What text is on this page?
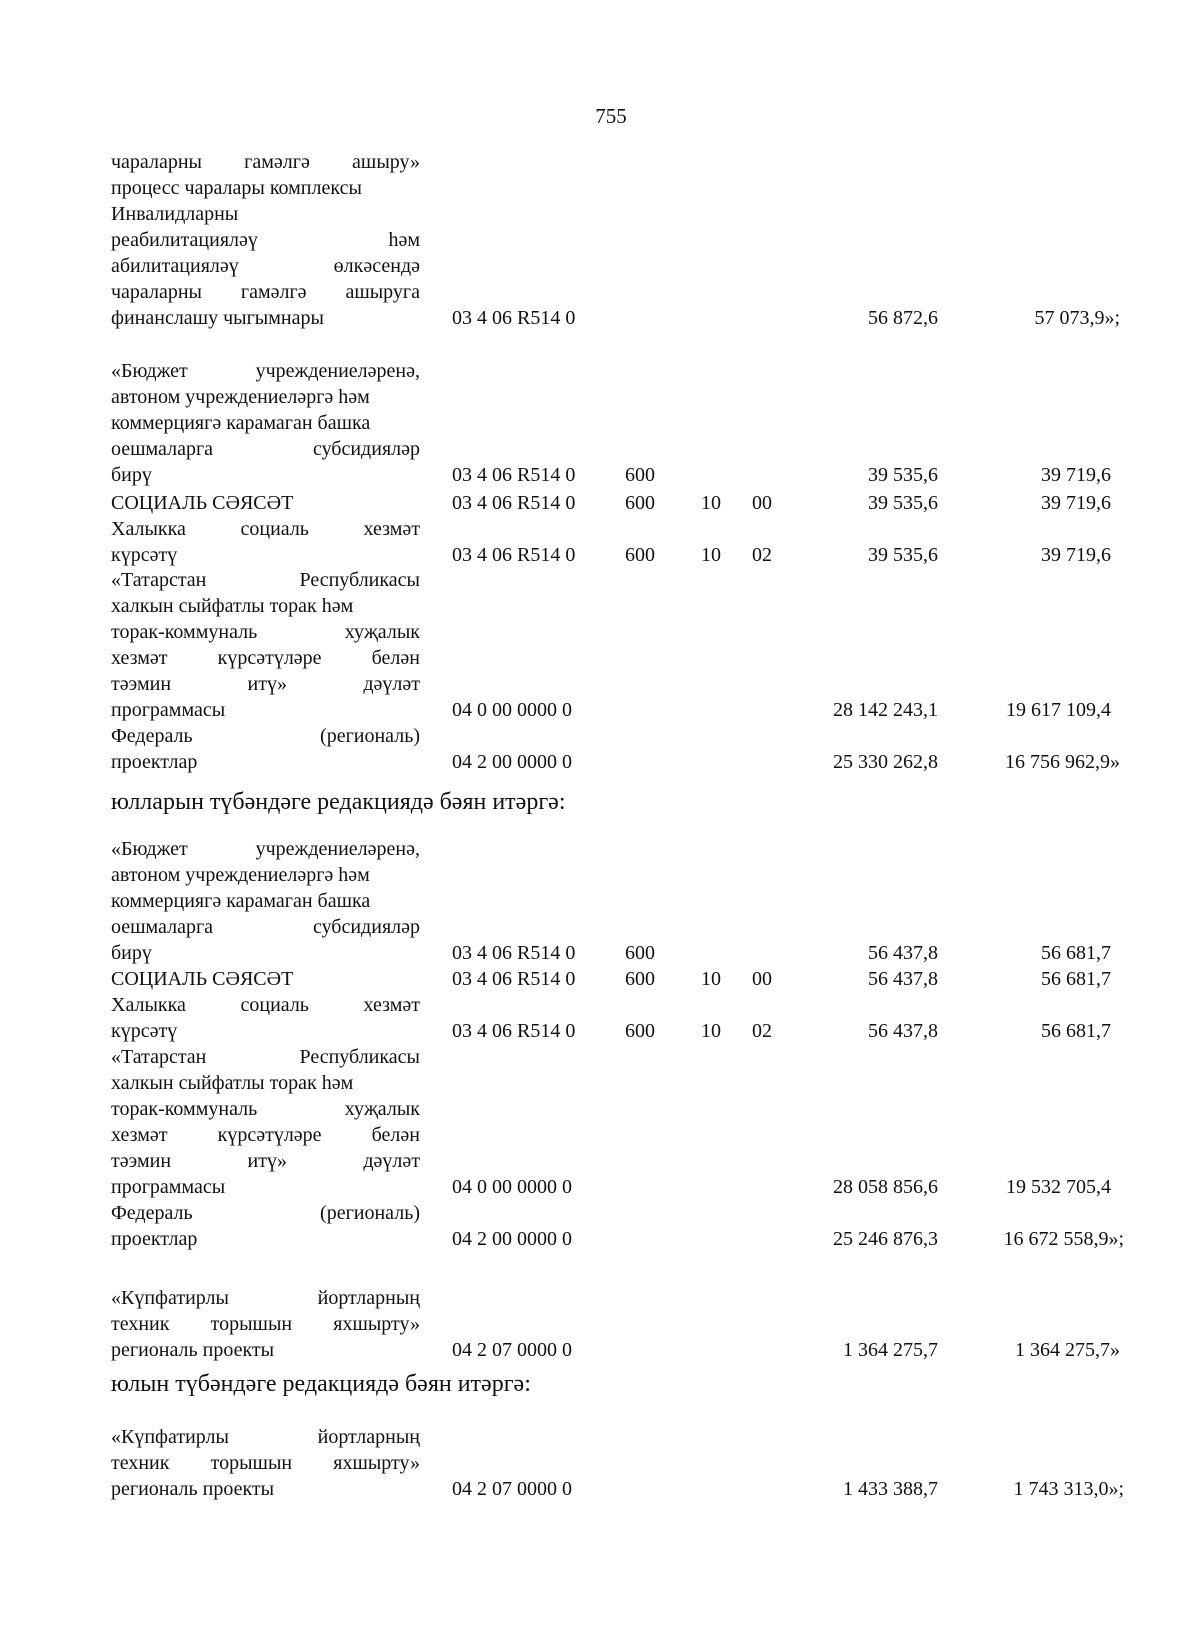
755
чараларны гамәлгә ашыру»
процесс чаралары комплексы
Инвалидларны
реабилитацияләү һәм
абилитацияләү өлкәсендә
чараларны гамәлгә ашыруга
финанслашу чыгымнары	03 4 06 R514 0	56 872,6	57 073,9»;
«Бюджет учреждениеләренә,
автоном учреждениеләргә һәм
коммерциягә карамаган башка
оешмаларга субсидияләр
бирү	03 4 06 R514 0 600	39 535,6	39 719,6
СОЦИАЛЬ СӘЯСӘТ	03 4 06 R514 0 600 10 00	39 535,6	39 719,6
Халыкка социаль хезмәт
күрсәтү	03 4 06 R514 0 600 10 02	39 535,6	39 719,6
«Татарстан Республикасы
халкын сыйфатлы торак һәм
торак-коммуналь хуҗалык
хезмәт күрсәтүләре белән
тәэмин итү» дәүләт
программасы	04 0 00 0000 0	28 142 243,1	19 617 109,4
Федераль (региональ)
проектлар	04 2 00 0000 0	25 330 262,8	16 756 962,9»
юлларын түбәндәге редакциядә бәян итәргә:
«Бюджет учреждениеләренә,
автоном учреждениеләргә һәм
коммерциягә карамаган башка
оешмаларга субсидияләр
бирү	03 4 06 R514 0 600	56 437,8	56 681,7
СОЦИАЛЬ СӘЯСӘТ	03 4 06 R514 0 600 10 00	56 437,8	56 681,7
Халыкка социаль хезмәт
күрсәтү	03 4 06 R514 0 600 10 02	56 437,8	56 681,7
«Татарстан Республикасы
халкын сыйфатлы торак һәм
торак-коммуналь хуҗалык
хезмәт күрсәтүләре белән
тәэмин итү» дәүләт
программасы	04 0 00 0000 0	28 058 856,6	19 532 705,4
Федераль (региональ)
проектлар	04 2 00 0000 0	25 246 876,3	16 672 558,9»;
«Күпфатирлы йортларның
техник торышын яхшырту»
региональ проекты	04 2 07 0000 0	1 364 275,7	1 364 275,7»
юлын түбәндәге редакциядә бәян итәргә:
«Күпфатирлы йортларның
техник торышын яхшырту»
региональ проекты	04 2 07 0000 0	1 433 388,7	1 743 313,0»;
